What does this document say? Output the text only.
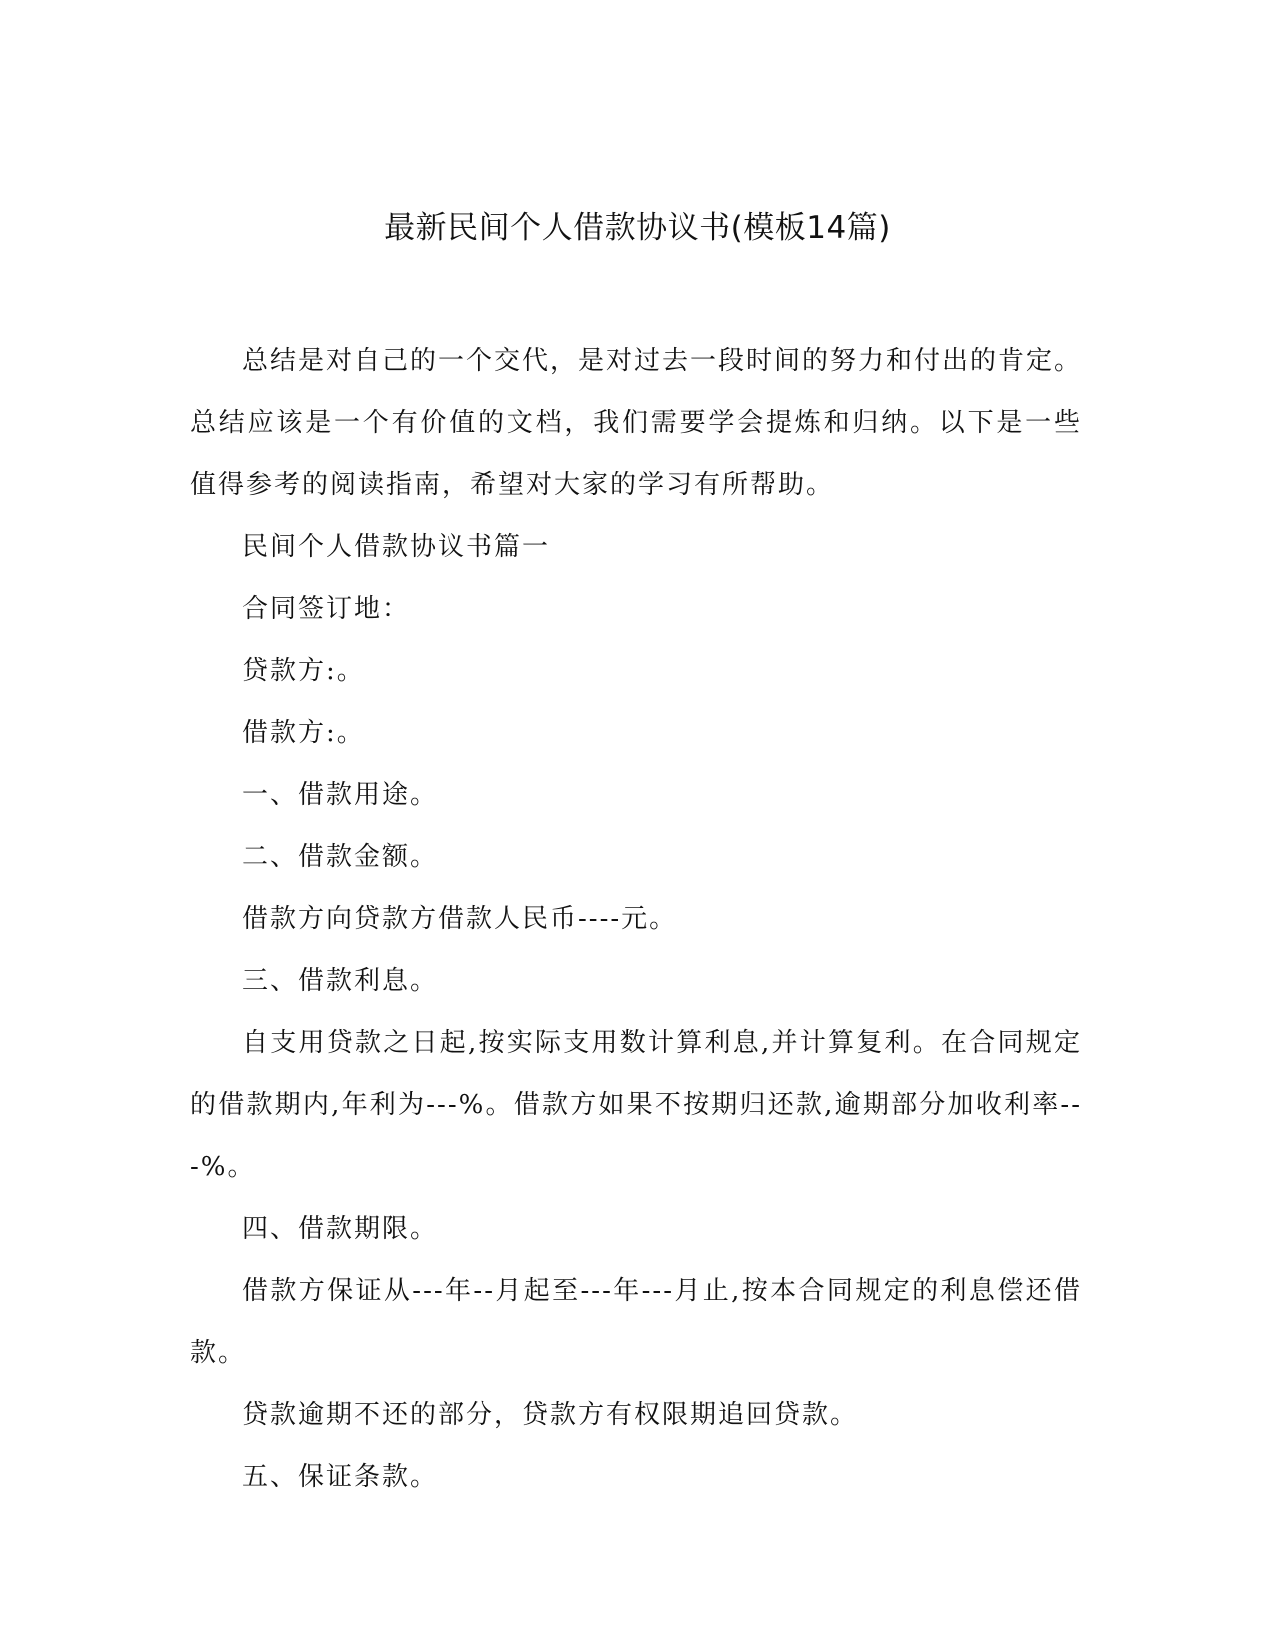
最新民间个人借款协议书(模板14篇)

总结是对自己的一个交代，是对过去一段时间的努力和付出的肯定。总结应该是一个有价值的文档，我们需要学会提炼和归纳。以下是一些值得参考的阅读指南，希望对大家的学习有所帮助。

民间个人借款协议书篇一

合同签订地：

贷款方:。

借款方:。

一、借款用途。

二、借款金额。

借款方向贷款方借款人民币----元。

三、借款利息。

自支用贷款之日起,按实际支用数计算利息,并计算复利。在合同规定的借款期内,年利为---%。借款方如果不按期归还款,逾期部分加收利率---%。

四、借款期限。

借款方保证从---年--月起至---年---月止,按本合同规定的利息偿还借款。

贷款逾期不还的部分，贷款方有权限期追回贷款。

五、保证条款。
